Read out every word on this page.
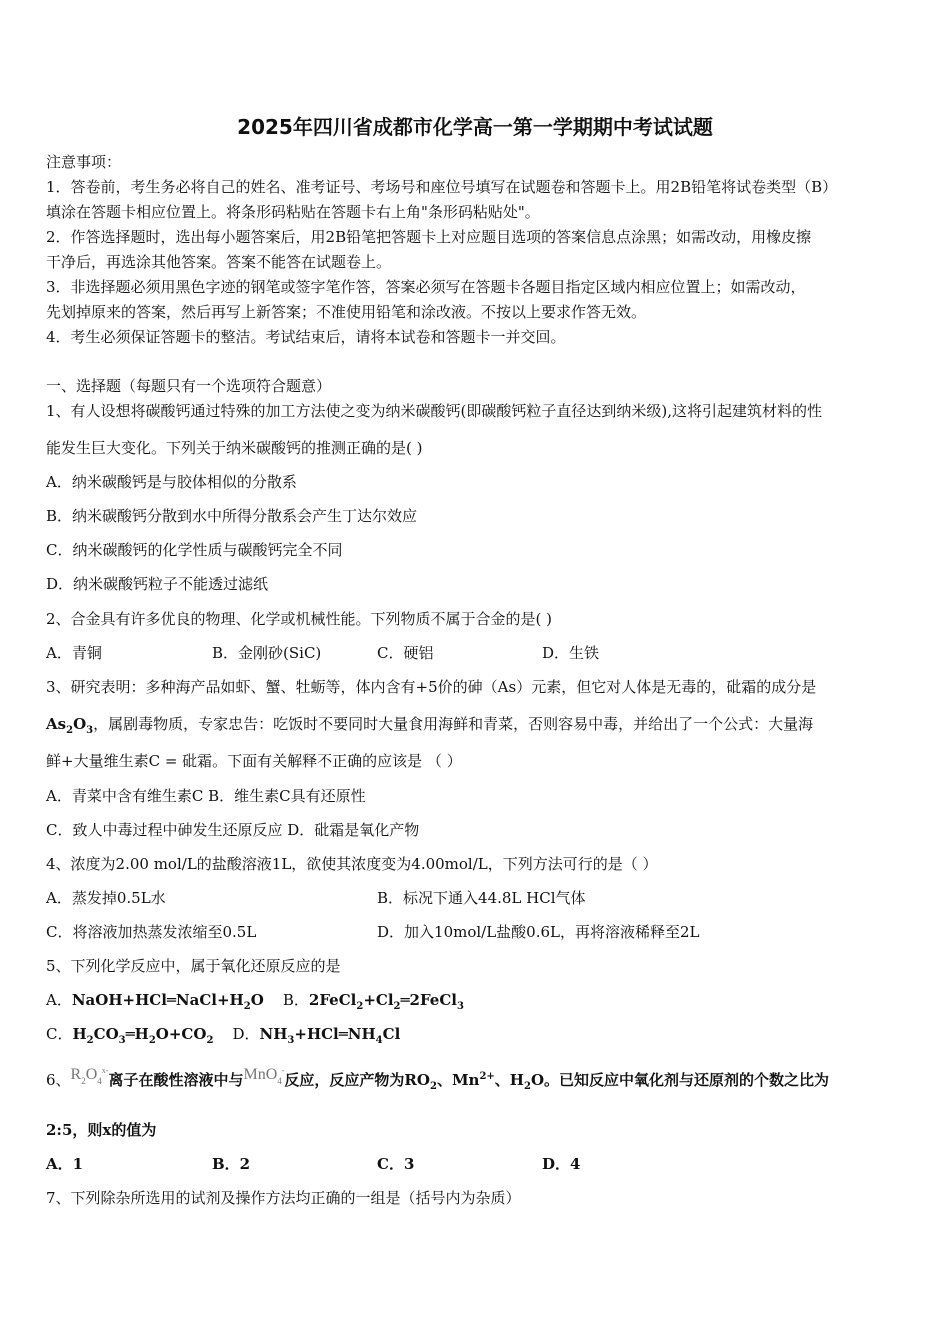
2025年四川省成都市化学高一第一学期期中考试试题
注意事项：
1．答卷前，考生务必将自己的姓名、准考证号、考场号和座位号填写在试题卷和答题卡上。用2B铅笔将试卷类型（B）
填涂在答题卡相应位置上。将条形码粘贴在答题卡右上角"条形码粘贴处"。
2．作答选择题时，选出每小题答案后，用2B铅笔把答题卡上对应题目选项的答案信息点涂黑；如需改动，用橡皮擦
干净后，再选涂其他答案。答案不能答在试题卷上。
3．非选择题必须用黑色字迹的钢笔或签字笔作答，答案必须写在答题卡各题目指定区域内相应位置上；如需改动，
先划掉原来的答案，然后再写上新答案；不准使用铅笔和涂改液。不按以上要求作答无效。
4．考生必须保证答题卡的整洁。考试结束后，请将本试卷和答题卡一并交回。
一、选择题（每题只有一个选项符合题意）
1、有人设想将碳酸钙通过特殊的加工方法使之变为纳米碳酸钙(即碳酸钙粒子直径达到纳米级),这将引起建筑材料的性
能发生巨大变化。下列关于纳米碳酸钙的推测正确的是( )
A．纳米碳酸钙是与胶体相似的分散系
B．纳米碳酸钙分散到水中所得分散系会产生丁达尔效应
C．纳米碳酸钙的化学性质与碳酸钙完全不同
D．纳米碳酸钙粒子不能透过滤纸
2、合金具有许多优良的物理、化学或机械性能。下列物质不属于合金的是( )
A．青铜	B．金刚砂(SiC)	C．硬铝	D．生铁
3、研究表明：多种海产品如虾、蟹、牡蛎等，体内含有+5价的砷（As）元素，但它对人体是无毒的，砒霜的成分是
$As_2O_3$，属剧毒物质，专家忠告：吃饭时不要同时大量食用海鲜和青菜，否则容易中毒，并给出了一个公式：大量海
鲜+大量维生素C = 砒霜。下面有关解释不正确的应该是 （ ）
A．青菜中含有维生素C B．维生素C具有还原性
C．致人中毒过程中砷发生还原反应 D．砒霜是氧化产物
4、浓度为2.00 mol/L的盐酸溶液1L，欲使其浓度变为4.00mol/L，下列方法可行的是（ ）
A．蒸发掉0.5L水	B．标况下通入44.8L HCl气体
C．将溶液加热蒸发浓缩至0.5L	D．加入10mol/L盐酸0.6L，再将溶液稀释至2L
5、下列化学反应中，属于氧化还原反应的是
A．$NaOH+HCl═NaCl+H_2O$ B．$2FeCl_2+Cl_2═2FeCl_3$
C．$H_2CO_3═H_2O+CO_2$ D．$NH_3+HCl═NH_4Cl$
6、$R_2O_4^{x-}$离子在酸性溶液中与MnO$_4$-反应，反应产物为$RO_2$、$Mn^{2+}$、$H_2O$。已知反应中氧化剂与还原剂的个数之比为
2:5，则x的值为
A．1	B．2	C．3	D．4
7、下列除杂所选用的试剂及操作方法均正确的一组是（括号内为杂质）
